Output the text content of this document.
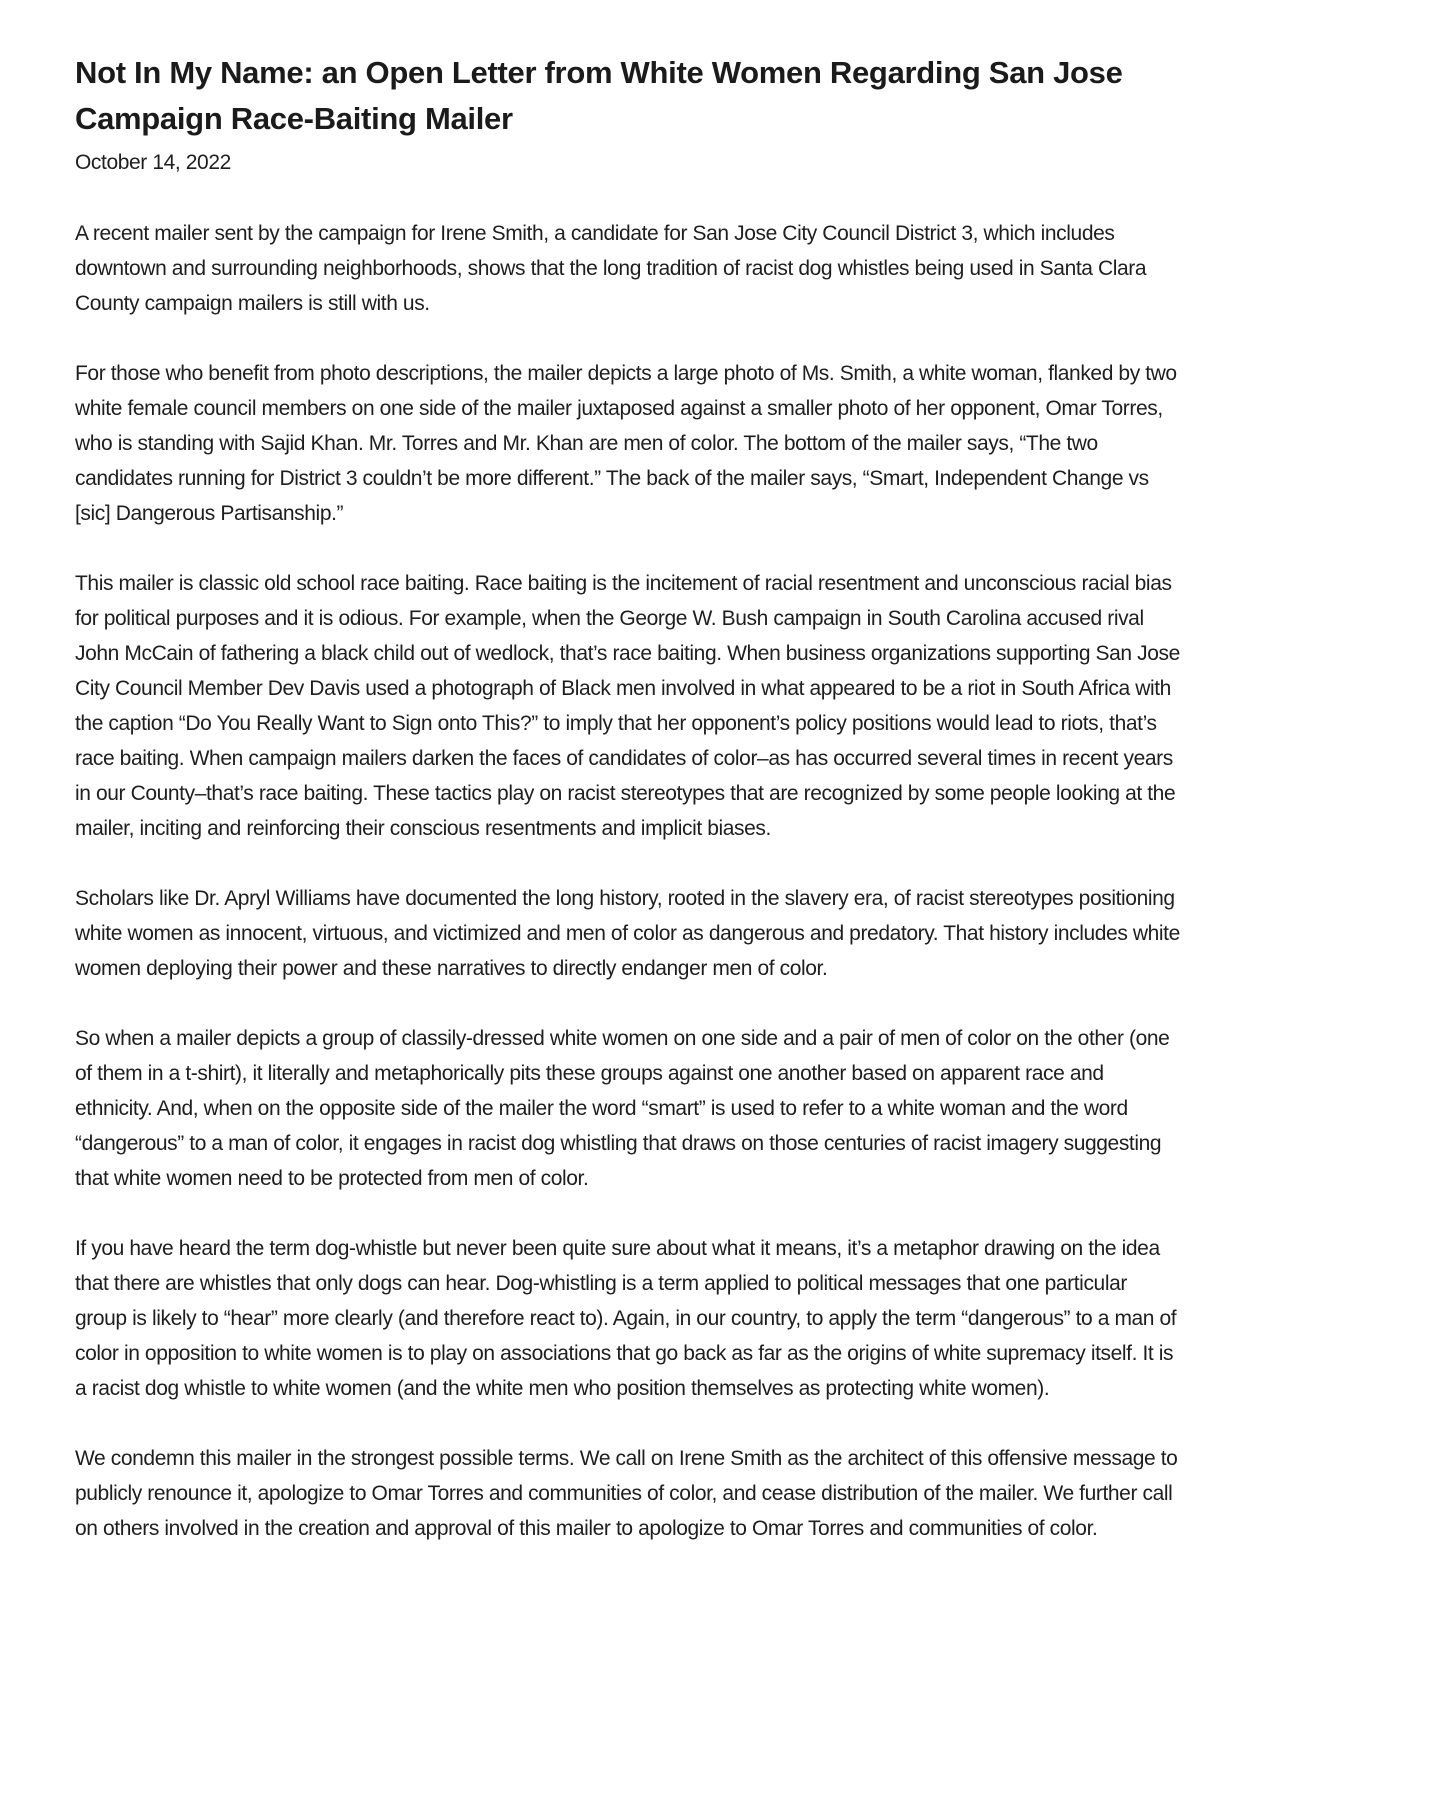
Not In My Name: an Open Letter from White Women Regarding San Jose Campaign Race-Baiting Mailer
October 14, 2022

A recent mailer sent by the campaign for Irene Smith, a candidate for San Jose City Council District 3, which includes downtown and surrounding neighborhoods, shows that the long tradition of racist dog whistles being used in Santa Clara County campaign mailers is still with us.

For those who benefit from photo descriptions, the mailer depicts a large photo of Ms. Smith, a white woman, flanked by two white female council members on one side of the mailer juxtaposed against a smaller photo of her opponent, Omar Torres, who is standing with Sajid Khan. Mr. Torres and Mr. Khan are men of color. The bottom of the mailer says, “The two candidates running for District 3 couldn’t be more different.” The back of the mailer says, “Smart, Independent Change vs [sic] Dangerous Partisanship.”

This mailer is classic old school race baiting. Race baiting is the incitement of racial resentment and unconscious racial bias for political purposes and it is odious. For example, when the George W. Bush campaign in South Carolina accused rival John McCain of fathering a black child out of wedlock, that’s race baiting. When business organizations supporting San Jose City Council Member Dev Davis used a photograph of Black men involved in what appeared to be a riot in South Africa with the caption “Do You Really Want to Sign onto This?” to imply that her opponent’s policy positions would lead to riots, that’s race baiting. When campaign mailers darken the faces of candidates of color–as has occurred several times in recent years in our County–that’s race baiting. These tactics play on racist stereotypes that are recognized by some people looking at the mailer, inciting and reinforcing their conscious resentments and implicit biases.

Scholars like Dr. Apryl Williams have documented the long history, rooted in the slavery era, of racist stereotypes positioning white women as innocent, virtuous, and victimized and men of color as dangerous and predatory. That history includes white women deploying their power and these narratives to directly endanger men of color.

So when a mailer depicts a group of classily-dressed white women on one side and a pair of men of color on the other (one of them in a t-shirt), it literally and metaphorically pits these groups against one another based on apparent race and ethnicity. And, when on the opposite side of the mailer the word “smart” is used to refer to a white woman and the word “dangerous” to a man of color, it engages in racist dog whistling that draws on those centuries of racist imagery suggesting that white women need to be protected from men of color.

If you have heard the term dog-whistle but never been quite sure about what it means, it’s a metaphor drawing on the idea that there are whistles that only dogs can hear. Dog-whistling is a term applied to political messages that one particular group is likely to “hear” more clearly (and therefore react to). Again, in our country, to apply the term “dangerous” to a man of color in opposition to white women is to play on associations that go back as far as the origins of white supremacy itself. It is a racist dog whistle to white women (and the white men who position themselves as protecting white women).

We condemn this mailer in the strongest possible terms. We call on Irene Smith as the architect of this offensive message to publicly renounce it, apologize to Omar Torres and communities of color, and cease distribution of the mailer. We further call on others involved in the creation and approval of this mailer to apologize to Omar Torres and communities of color.
